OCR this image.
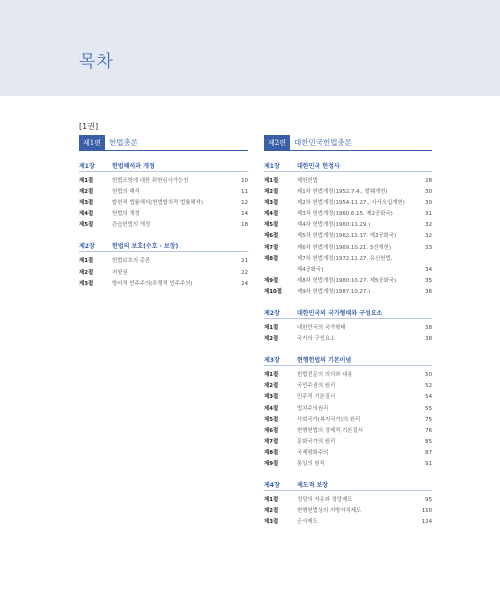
목차
[1권]
제1편	헌법총론
제1장	헌법해석과 개정
제1절	헌법조항에 대한 위헌심사가능성	10
제2절	헌법의 해석	11
제3절	합헌적 법률해석(헌법합치적 법률해석)	12
제4절	헌법의 개정	14
제5절	관습헌법의 개정	18
제2장	헌법의 보호(수호 · 보장)
제1절	헌법보호의 총론	21
제2절	저항권	22
제3절	방어적 민주주의(투쟁적 민주주의)	24
제2편	대한민국헌법총론
제1장	대한민국 헌정사
제1절	제헌헌법	28
제2절	제1차 헌법개정(1952.7.4., 발췌개헌)	30
제3절	제2차 헌법개정(1954.11.27., 사사오입개헌)	30
제4절	제3차 헌법개정(1960.6.15. 제2공화국)	31
제5절	제4차 헌법개정(1960.11.29.)	32
제6절	제5차 헌법개정(1962.12.17. 제3공화국)	32
제7절	제6차 헌법개정(1969.10.21. 3선개헌)	33
제8절	제7차 헌법개정(1972.12.27. 유신헌법,
제4공화국)	34
제9절	제8차 헌법개정(1980.10.27. 제5공화국)	35
제10절	제9차 헌법개정(1987.10.27.)	36
제2장	대한민국의 국가형태와 구성요소
제1절	대한민국의 국가형태	38
제2절	국가의 구성요소	38
제3장	현행헌법의 기본이념
제1절	헌법전문의 의의와 내용	50
제2절	국민주권의 원리	52
제3절	민주적 기본질서	54
제4절	법치주의원리	55
제5절	사회국가(복지국가)의 원리	75
제6절	현행헌법의 경제적 기본질서	76
제7절	문화국가의 원리	85
제8절	국제평화주의	87
제9절	통일의 원칙	91
제4장	제도적 보장
제1절	정당의 자유와 정당제도	95
제2절	현행헌법상의 지방자치제도	110
제3절	군사제도	124
